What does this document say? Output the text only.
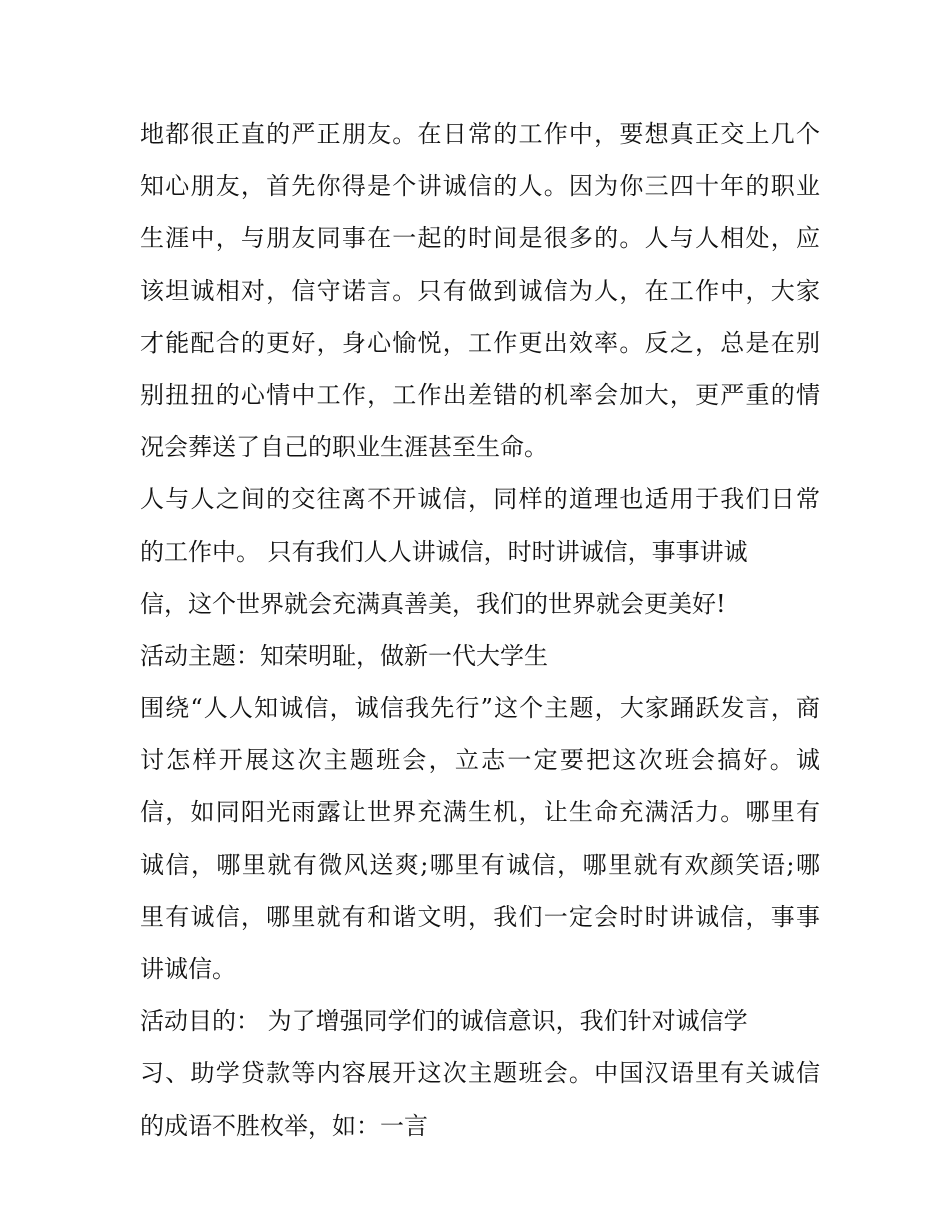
地都很正直的严正朋友。在日常的工作中，要想真正交上几个
知心朋友，首先你得是个讲诚信的人。因为你三四十年的职业
生涯中，与朋友同事在一起的时间是很多的。人与人相处，应
该坦诚相对，信守诺言。只有做到诚信为人，在工作中，大家
才能配合的更好，身心愉悦，工作更出效率。反之，总是在别
别扭扭的心情中工作，工作出差错的机率会加大，更严重的情
况会葬送了自己的职业生涯甚至生命。
人与人之间的交往离不开诚信，同样的道理也适用于我们日常
的工作中。 只有我们人人讲诚信，时时讲诚信，事事讲诚
信，这个世界就会充满真善美，我们的世界就会更美好!
活动主题：知荣明耻，做新一代大学生
围绕“人人知诚信，诚信我先行”这个主题，大家踊跃发言，商
讨怎样开展这次主题班会，立志一定要把这次班会搞好。诚
信，如同阳光雨露让世界充满生机，让生命充满活力。哪里有
诚信，哪里就有微风送爽;哪里有诚信，哪里就有欢颜笑语;哪
里有诚信，哪里就有和谐文明，我们一定会时时讲诚信，事事
讲诚信。
活动目的： 为了增强同学们的诚信意识，我们针对诚信学
习、助学贷款等内容展开这次主题班会。中国汉语里有关诚信
的成语不胜枚举，如：一言
